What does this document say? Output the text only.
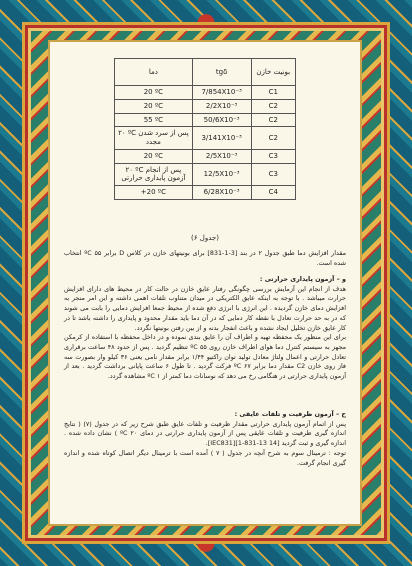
دما	tgδ	بونیت خازن
20 ºC	7/854X10⁻³	C1
20 ºC	2/2X10⁻³	C2
55 ºC	50/6X10⁻³	C2
۲۰ ºC پس از سرد شدن مجدد	3/141X10⁻³	C2
20 ºC	2/5X10⁻³	C3
۲۰ ºC پس از انجام آزمون پایداری حرارتی	12/5X10⁻³	C3
+20 ºC	6/28X10⁻³	C4
(جدول ۶)

مقدار افزایش دما طبق جدول ۲ در بند [3-1-831] برای بونیتهای خازن در کلاس D برابر ۵۵ ºC انتخاب شده است.

و – آزمون پایداری حرارتی :

هدف از انجام این آزمایش بررسی چگونگی رفتار عایق خازن در حالت کار در محیط های دارای افزایش حرارت میباشد . با توجه به اینکه عایق الکتریکی در میدان متناوب تلفات اهمی داشته و این امر منجر به افزایش دمای خازن گردیده . این انرژی با انرژی دفع شده از محیط جمعا افزایش دمایی را بابت می شوند که در به حد حرارت تعادل با نقطه کار دمایی که در آن دما باید مقدار محدود و پایداری را داشته باشد تا در کار عایق خازن تخلیل ایجاد نشده و باعث انفجار بدنه و از بین رفتن بونیتها نگردد.

برای این منظور یک محفظه تهیه و اطراف آن را عایق بندی نموده و در داخل محفظه با استفاده از کرمکن مجهز به سیستم کنترل دما هوای اطراف خازن روی ۵۵ ºC تنظیم گردید . پس از حدود ۴۸ ساعت برقراری تعادل حرارتی و اعمال ولتاژ معادل تولید توان راکتیو ۱/۴۴ برابر مقدار نامی یعنی ۳۶ کیلو وار بصورت سه فاز روی خازن C2 مقدار دما برابر ۶۷ ºC فرکت گردید . تا طول ۶ ساعت پایانی برداشت گردید . بعد از آزمون پایداری حرارتی در هنگامی رخ می دهد که نوسانات دما کمتر از ۱ ºC مشاهده گردد.

ح – آزمون ظرفیت و تلفات عایقی :

پس از اتمام آزمون پایداری حرارتی مقدار ظرفیت و تلفات عایق طبق شرح زیر که در جدول (۷) ( نتایج اندازه گیری ظرفیت و تلفات عایقی پس از آزمون پایداری حرارتی در دمای ۲۰ ºC ) نشان داده شده . اندازه گیری و ثبت گردید [14 13-831-1][IEC831].

توجه : ترمینال سوم به شرح آنچه در جدول ( ۷ ) آمده است با ترمینال دیگر اتصال کوتاه شده و اندازه گیری انجام گرفت.
